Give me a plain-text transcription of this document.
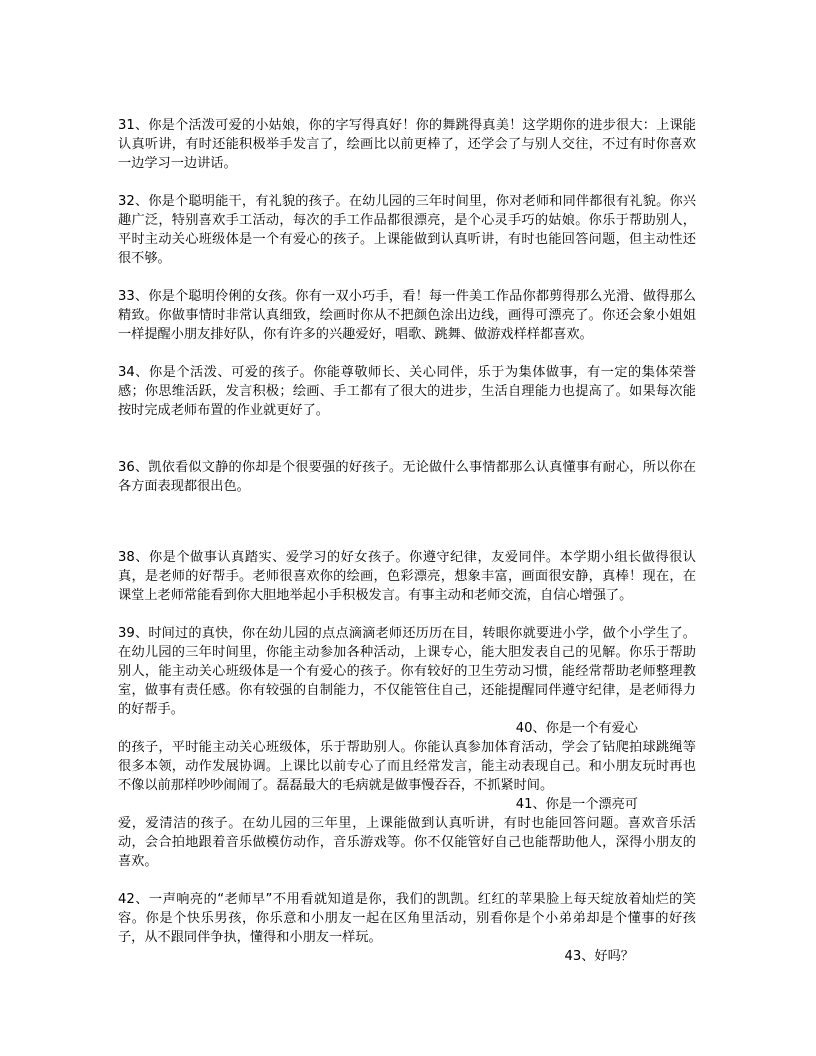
31、你是个活泼可爱的小姑娘，你的字写得真好！你的舞跳得真美！这学期你的进步很大：上课能认真听讲，有时还能积极举手发言了，绘画比以前更棒了，还学会了与别人交往，不过有时你喜欢一边学习一边讲话。

32、你是个聪明能干，有礼貌的孩子。在幼儿园的三年时间里，你对老师和同伴都很有礼貌。你兴趣广泛，特别喜欢手工活动，每次的手工作品都很漂亮，是个心灵手巧的姑娘。你乐于帮助别人，平时主动关心班级体是一个有爱心的孩子。上课能做到认真听讲，有时也能回答问题，但主动性还很不够。

33、你是个聪明伶俐的女孩。你有一双小巧手，看！每一件美工作品你都剪得那么光滑、做得那么精致。你做事情时非常认真细致，绘画时你从不把颜色涂出边线，画得可漂亮了。你还会象小姐姐一样提醒小朋友排好队，你有许多的兴趣爱好，唱歌、跳舞、做游戏样样都喜欢。

34、你是个活泼、可爱的孩子。你能尊敬师长、关心同伴，乐于为集体做事，有一定的集体荣誉感；你思维活跃，发言积极；绘画、手工都有了很大的进步，生活自理能力也提高了。如果每次能按时完成老师布置的作业就更好了。

36、凯依看似文静的你却是个很要强的好孩子。无论做什么事情都那么认真懂事有耐心，所以你在各方面表现都很出色。

38、你是个做事认真踏实、爱学习的好女孩子。你遵守纪律，友爱同伴。本学期小组长做得很认真，是老师的好帮手。老师很喜欢你的绘画，色彩漂亮，想象丰富，画面很安静，真棒！现在，在课堂上老师常能看到你大胆地举起小手积极发言。有事主动和老师交流，自信心增强了。

39、时间过的真快，你在幼儿园的点点滴滴老师还历历在目，转眼你就要进小学，做个小学生了。在幼儿园的三年时间里，你能主动参加各种活动，上课专心，能大胆发表自己的见解。你乐于帮助别人，能主动关心班级体是一个有爱心的孩子。你有较好的卫生劳动习惯，能经常帮助老师整理教室，做事有责任感。你有较强的自制能力，不仅能管住自己，还能提醒同伴遵守纪律，是老师得力的好帮手。

40、你是一个有爱心

的孩子，平时能主动关心班级体，乐于帮助别人。你能认真参加体育活动，学会了钻爬拍球跳绳等很多本领，动作发展协调。上课比以前专心了而且经常发言，能主动表现自己。和小朋友玩时再也不像以前那样吵吵闹闹了。磊磊最大的毛病就是做事慢吞吞，不抓紧时间。

41、你是一个漂亮可

爱，爱清洁的孩子。在幼儿园的三年里，上课能做到认真听讲，有时也能回答问题。喜欢音乐活动，会合拍地跟着音乐做模仿动作，音乐游戏等。你不仅能管好自己也能帮助他人，深得小朋友的喜欢。

42、一声响亮的“老师早”不用看就知道是你，我们的凯凯。红红的苹果脸上每天绽放着灿烂的笑容。你是个快乐男孩，你乐意和小朋友一起在区角里活动，别看你是个小弟弟却是个懂事的好孩子，从不跟同伴争执，懂得和小朋友一样玩。

43、好吗？
